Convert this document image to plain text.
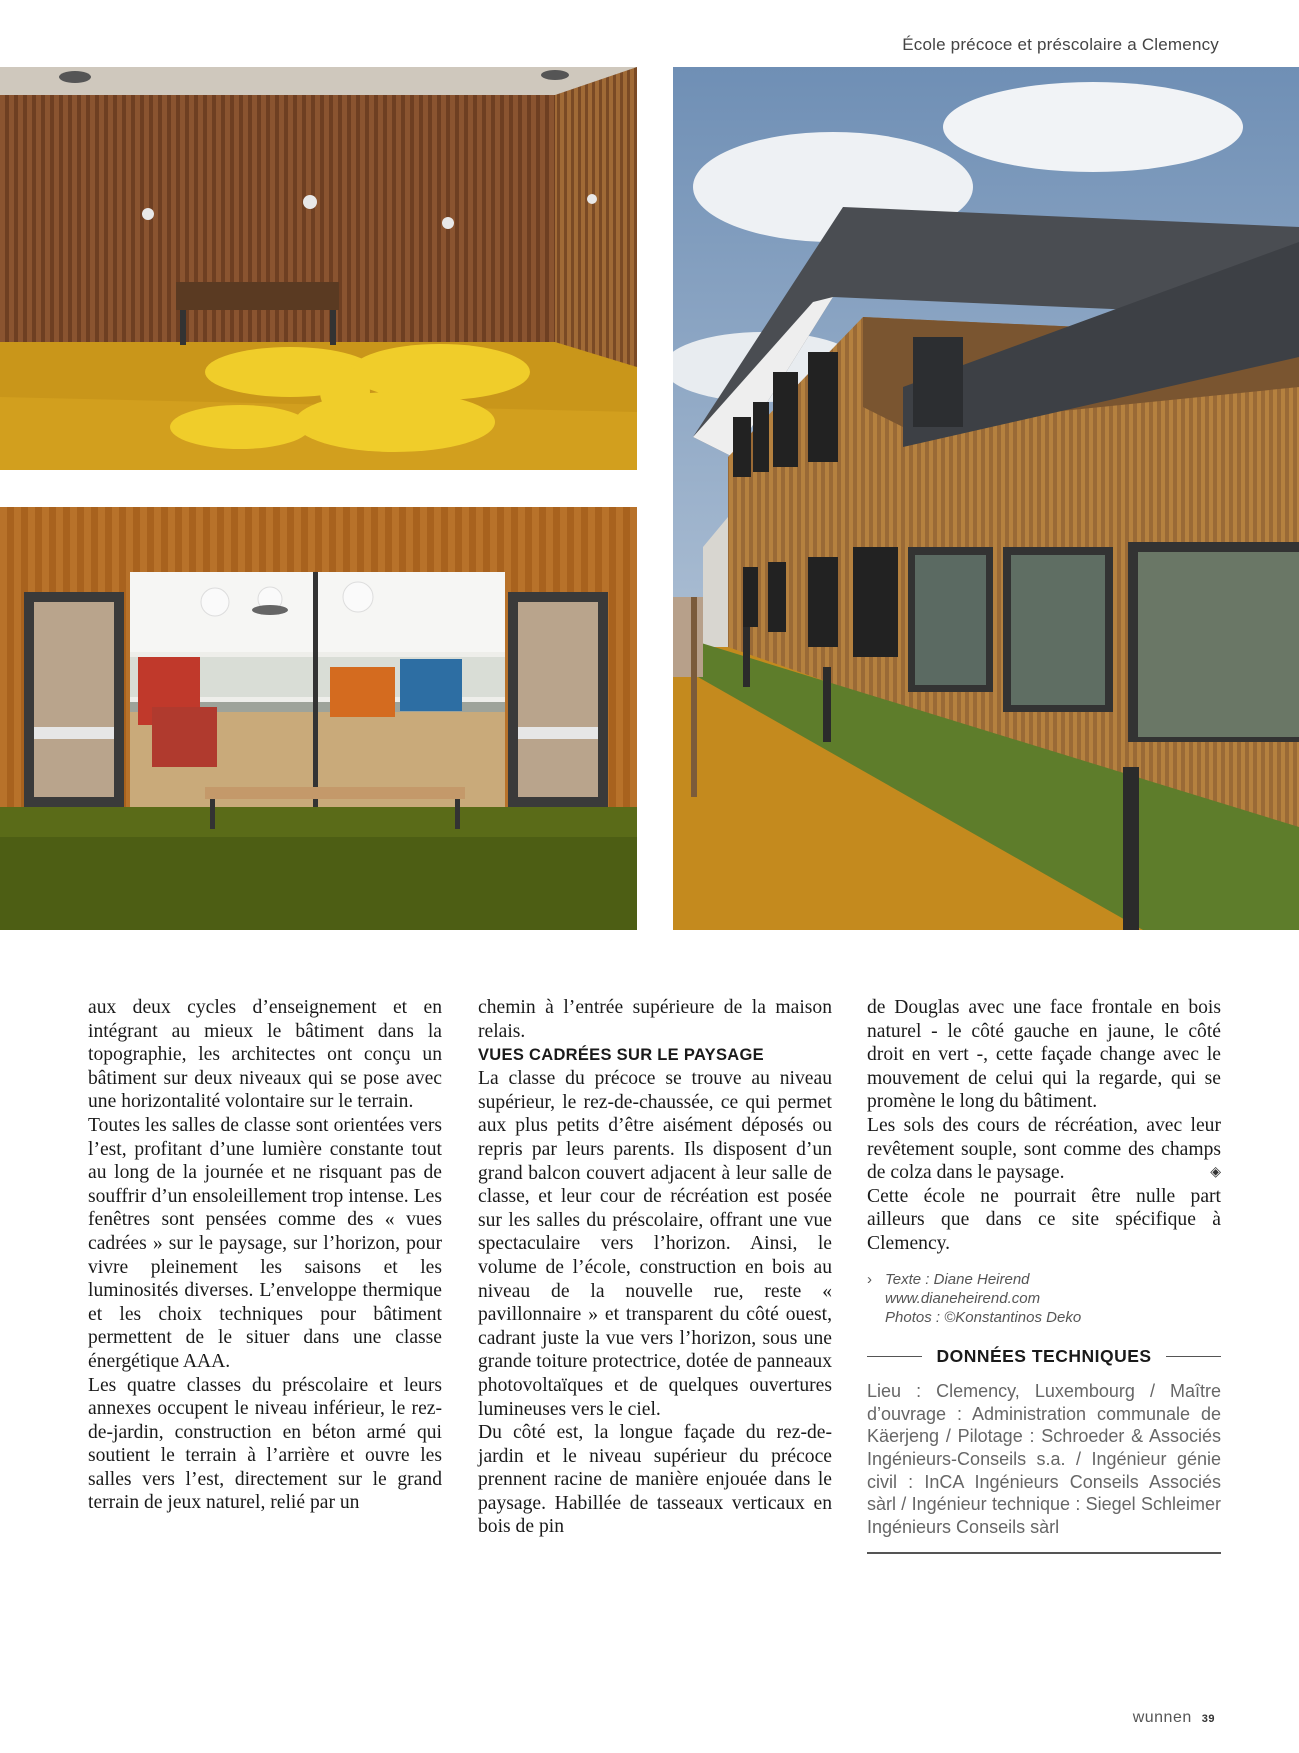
École précoce et préscolaire a Clemency

aux deux cycles d’enseignement et en intégrant au mieux le bâtiment dans la topographie, les architectes ont conçu un bâtiment sur deux niveaux qui se pose avec une horizontalité volontaire sur le terrain.

Toutes les salles de classe sont orientées vers l’est, profitant d’une lumière constante tout au long de la journée et ne risquant pas de souffrir d’un ensoleillement trop intense. Les fenêtres sont pensées comme des « vues cadrées » sur le paysage, sur l’horizon, pour vivre pleinement les saisons et les luminosités diverses. L’enveloppe thermique et les choix techniques pour bâtiment permettent de le situer dans une classe énergétique AAA.

Les quatre classes du préscolaire et leurs annexes occupent le niveau inférieur, le rez-de-jardin, construction en béton armé qui soutient le terrain à l’arrière et ouvre les salles vers l’est, directement sur le grand terrain de jeux naturel, relié par un

chemin à l’entrée supérieure de la maison relais.

VUES CADRÉES SUR LE PAYSAGE

La classe du précoce se trouve au niveau supérieur, le rez-de-chaussée, ce qui permet aux plus petits d’être aisément déposés ou repris par leurs parents. Ils disposent d’un grand balcon couvert adjacent à leur salle de classe, et leur cour de récréation est posée sur les salles du préscolaire, offrant une vue spectaculaire vers l’horizon. Ainsi, le volume de l’école, construction en bois au niveau de la nouvelle rue, reste « pavillonnaire » et transparent du côté ouest, cadrant juste la vue vers l’horizon, sous une grande toiture protectrice, dotée de panneaux photovoltaïques et de quelques ouvertures lumineuses vers le ciel.

Du côté est, la longue façade du rez-de-jardin et le niveau supérieur du précoce prennent racine de manière enjouée dans le paysage. Habillée de tasseaux verticaux en bois de pin

de Douglas avec une face frontale en bois naturel - le côté gauche en jaune, le côté droit en vert -, cette façade change avec le mouvement de celui qui la regarde, qui se promène le long du bâtiment.

Les sols des cours de récréation, avec leur revêtement souple, sont comme des champs de colza dans le paysage.	◈

Cette école ne pourrait être nulle part ailleurs que dans ce site spécifique à Clemency.

› Texte : Diane Heirend
www.dianeheirend.com
Photos : ©Konstantinos Deko
DONNÉES TECHNIQUES
Lieu : Clemency, Luxembourg / Maître d’ouvrage : Administration communale de Käerjeng / Pilotage : Schroeder & Associés Ingénieurs-Conseils s.a. / Ingénieur génie civil : InCA Ingénieurs Conseils Associés sàrl / Ingénieur technique : Siegel Schleimer Ingénieurs Conseils sàrl
wunnen 39
